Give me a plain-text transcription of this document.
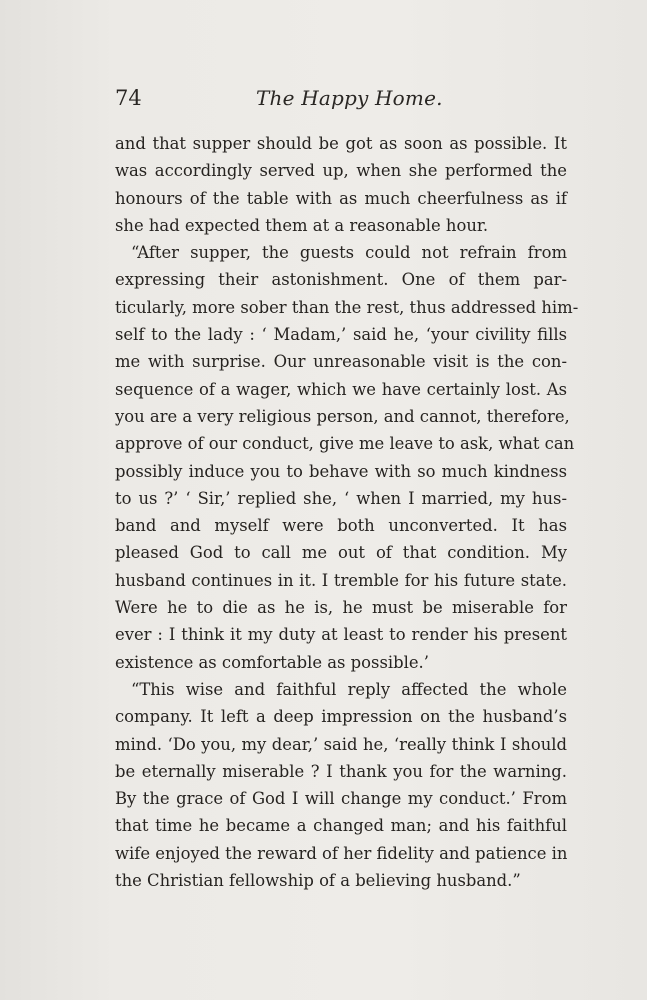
74	The Happy Home.
and that supper should be got as soon as possible. It
was accordingly served up, when she performed the
honours of the table with as much cheerfulness as if
she had expected them at a reasonable hour.
“After supper, the guests could not refrain from
expressing their astonishment. One of them par-
ticularly, more sober than the rest, thus addressed him-
self to the lady : ‘ Madam,’ said he, ‘your civility fills
me with surprise. Our unreasonable visit is the con-
sequence of a wager, which we have certainly lost. As
you are a very religious person, and cannot, therefore,
approve of our conduct, give me leave to ask, what can
possibly induce you to behave with so much kindness
to us ?’ ‘ Sir,’ replied she, ‘ when I married, my hus-
band and myself were both unconverted. It has
pleased God to call me out of that condition. My
husband continues in it. I tremble for his future state.
Were he to die as he is, he must be miserable for
ever : I think it my duty at least to render his present
existence as comfortable as possible.’
“This wise and faithful reply affected the whole
company. It left a deep impression on the husband’s
mind. ‘Do you, my dear,’ said he, ‘really think I should
be eternally miserable ? I thank you for the warning.
By the grace of God I will change my conduct.’ From
that time he became a changed man; and his faithful
wife enjoyed the reward of her fidelity and patience in
the Christian fellowship of a believing husband.”
